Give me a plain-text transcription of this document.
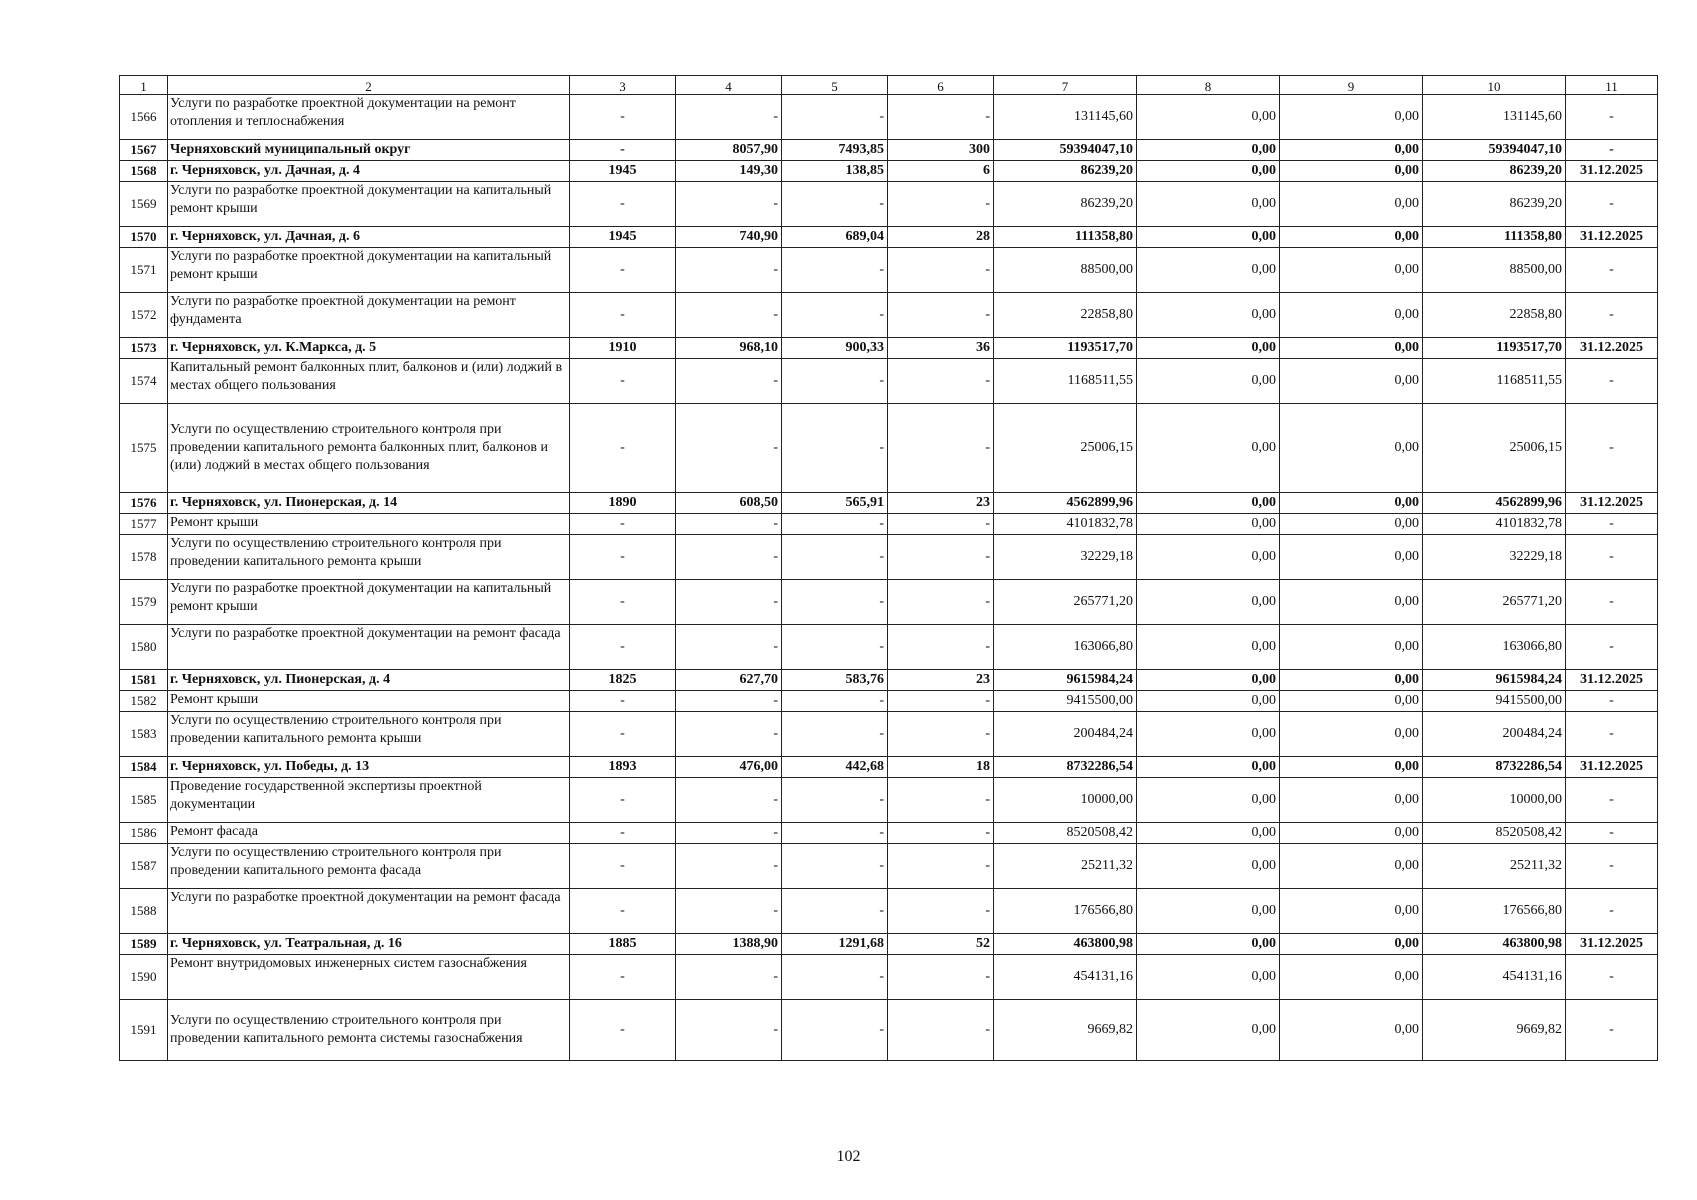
1	2	3	4	5	6	7	8	9	10	11
1566	Услуги по разработке проектной документации на ремонт отопления и теплоснабжения	-	-	-	-	131145,60	0,00	0,00	131145,60	-
1567	Черняховский муниципальный округ	-	8057,90	7493,85	300	59394047,10	0,00	0,00	59394047,10	-
1568	г. Черняховск, ул. Дачная, д. 4	1945	149,30	138,85	6	86239,20	0,00	0,00	86239,20	31.12.2025
1569	Услуги по разработке проектной документации на капитальный ремонт крыши	-	-	-	-	86239,20	0,00	0,00	86239,20	-
1570	г. Черняховск, ул. Дачная, д. 6	1945	740,90	689,04	28	111358,80	0,00	0,00	111358,80	31.12.2025
1571	Услуги по разработке проектной документации на капитальный ремонт крыши	-	-	-	-	88500,00	0,00	0,00	88500,00	-
1572	Услуги по разработке проектной документации на ремонт фундамента	-	-	-	-	22858,80	0,00	0,00	22858,80	-
1573	г. Черняховск, ул. К.Маркса, д. 5	1910	968,10	900,33	36	1193517,70	0,00	0,00	1193517,70	31.12.2025
1574	Капитальный ремонт балконных плит, балконов и (или) лоджий в местах общего пользования	-	-	-	-	1168511,55	0,00	0,00	1168511,55	-
1575	Услуги по осуществлению строительного контроля при проведении капитального ремонта балконных плит, балконов и (или) лоджий в местах общего пользования	-	-	-	-	25006,15	0,00	0,00	25006,15	-
1576	г. Черняховск, ул. Пионерская, д. 14	1890	608,50	565,91	23	4562899,96	0,00	0,00	4562899,96	31.12.2025
1577	Ремонт крыши	-	-	-	-	4101832,78	0,00	0,00	4101832,78	-
1578	Услуги по осуществлению строительного контроля при проведении капитального ремонта крыши	-	-	-	-	32229,18	0,00	0,00	32229,18	-
1579	Услуги по разработке проектной документации на капитальный ремонт крыши	-	-	-	-	265771,20	0,00	0,00	265771,20	-
1580	Услуги по разработке проектной документации на ремонт фасада	-	-	-	-	163066,80	0,00	0,00	163066,80	-
1581	г. Черняховск, ул. Пионерская, д. 4	1825	627,70	583,76	23	9615984,24	0,00	0,00	9615984,24	31.12.2025
1582	Ремонт крыши	-	-	-	-	9415500,00	0,00	0,00	9415500,00	-
1583	Услуги по осуществлению строительного контроля при проведении капитального ремонта крыши	-	-	-	-	200484,24	0,00	0,00	200484,24	-
1584	г. Черняховск, ул. Победы, д. 13	1893	476,00	442,68	18	8732286,54	0,00	0,00	8732286,54	31.12.2025
1585	Проведение государственной экспертизы проектной документации	-	-	-	-	10000,00	0,00	0,00	10000,00	-
1586	Ремонт фасада	-	-	-	-	8520508,42	0,00	0,00	8520508,42	-
1587	Услуги по осуществлению строительного контроля при проведении капитального ремонта фасада	-	-	-	-	25211,32	0,00	0,00	25211,32	-
1588	Услуги по разработке проектной документации на ремонт фасада	-	-	-	-	176566,80	0,00	0,00	176566,80	-
1589	г. Черняховск, ул. Театральная, д. 16	1885	1388,90	1291,68	52	463800,98	0,00	0,00	463800,98	31.12.2025
1590	Ремонт внутридомовых инженерных систем газоснабжения	-	-	-	-	454131,16	0,00	0,00	454131,16	-
1591	Услуги по осуществлению строительного контроля при проведении капитального ремонта системы газоснабжения	-	-	-	-	9669,82	0,00	0,00	9669,82	-
102
